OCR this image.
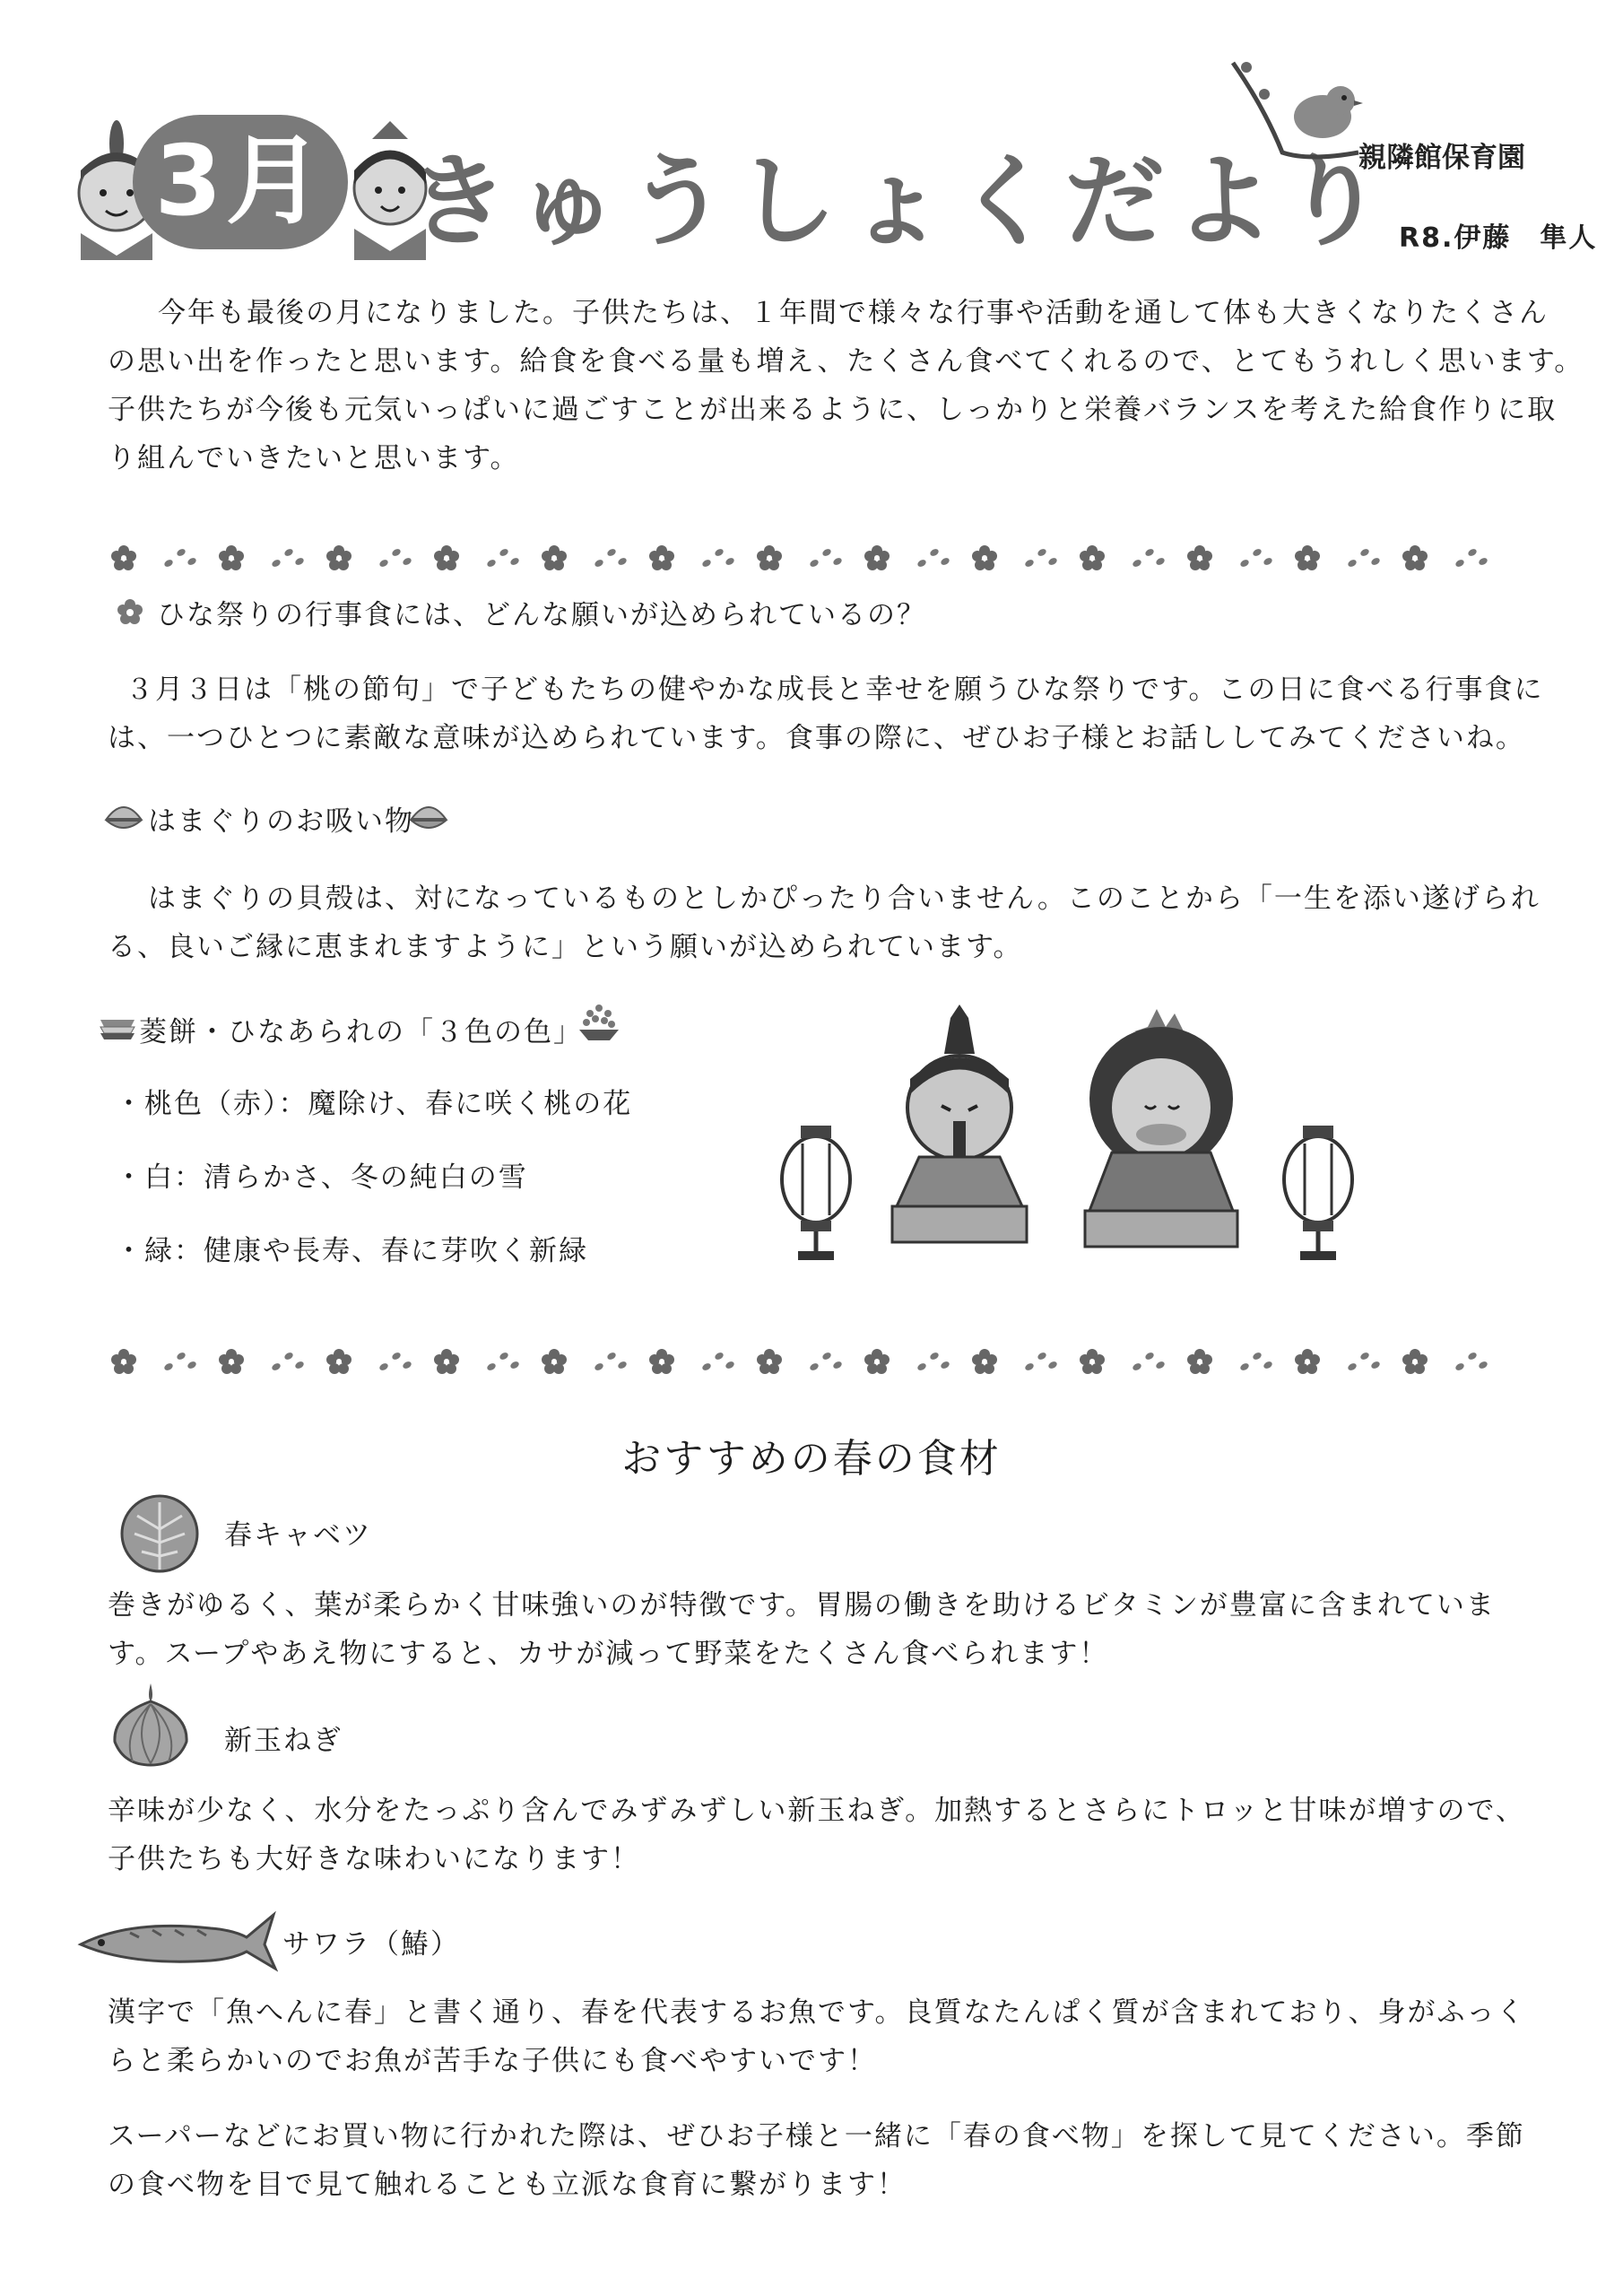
3月 きゅうしょくだより
親隣館保育園
R8.伊藤　隼人
今年も最後の月になりました。子供たちは、１年間で様々な行事や活動を通して体も大きくなりたくさん
の思い出を作ったと思います。給食を食べる量も増え、たくさん食べてくれるので、とてもうれしく思います。
子供たちが今後も元気いっぱいに過ごすことが出来るように、しっかりと栄養バランスを考えた給食作りに取
り組んでいきたいと思います。
ひな祭りの行事食には、どんな願いが込められているの？
３月３日は「桃の節句」で子どもたちの健やかな成長と幸せを願うひな祭りです。この日に食べる行事食に
は、一つひとつに素敵な意味が込められています。食事の際に、ぜひお子様とお話ししてみてくださいね。
はまぐりのお吸い物
はまぐりの貝殻は、対になっているものとしかぴったり合いません。このことから「一生を添い遂げられ
る、良いご縁に恵まれますように」という願いが込められています。
菱餅・ひなあられの「３色の色」
・桃色（赤）：魔除け、春に咲く桃の花
・白：清らかさ、冬の純白の雪
・緑：健康や長寿、春に芽吹く新緑
おすすめの春の食材
春キャベツ
巻きがゆるく、葉が柔らかく甘味強いのが特徴です。胃腸の働きを助けるビタミンが豊富に含まれていま
す。スープやあえ物にすると、カサが減って野菜をたくさん食べられます！
新玉ねぎ
辛味が少なく、水分をたっぷり含んでみずみずしい新玉ねぎ。加熱するとさらにトロッと甘味が増すので、
子供たちも大好きな味わいになります！
サワラ（鰆）
漢字で「魚へんに春」と書く通り、春を代表するお魚です。良質なたんぱく質が含まれており、身がふっく
らと柔らかいのでお魚が苦手な子供にも食べやすいです！
スーパーなどにお買い物に行かれた際は、ぜひお子様と一緒に「春の食べ物」を探して見てください。季節
の食べ物を目で見て触れることも立派な食育に繋がります！
